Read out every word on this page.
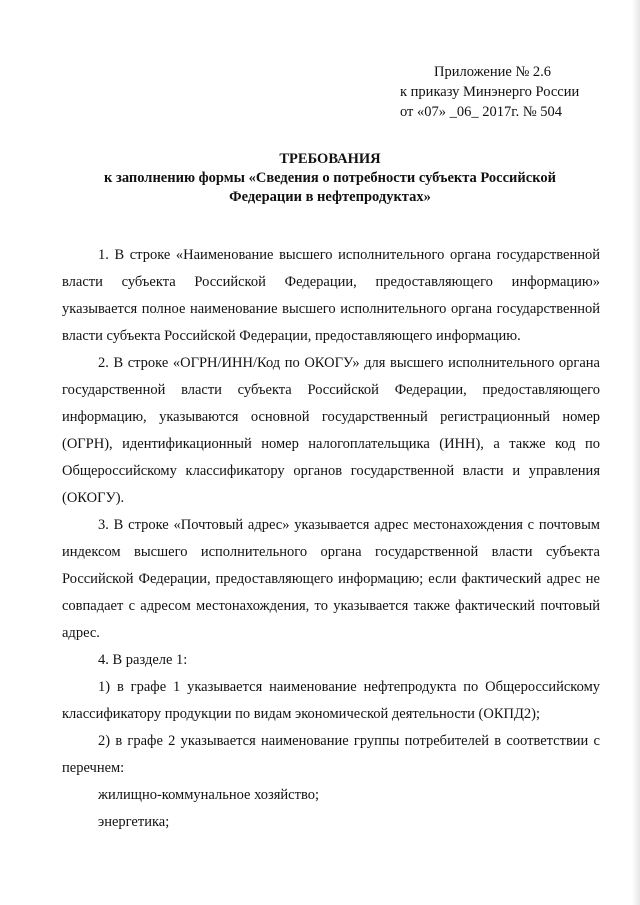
Приложение № 2.6
к приказу Минэнерго России
от «07» _06_ 2017г. № 504
ТРЕБОВАНИЯ
к заполнению формы «Сведения о потребности субъекта Российской
Федерации в нефтепродуктах»

1. В строке «Наименование высшего исполнительного органа государственной власти субъекта Российской Федерации, предоставляющего информацию» указывается полное наименование высшего исполнительного органа государственной власти субъекта Российской Федерации, предоставляющего информацию.

2. В строке «ОГРН/ИНН/Код по ОКОГУ» для высшего исполнительного органа государственной власти субъекта Российской Федерации, предоставляющего информацию, указываются основной государственный регистрационный номер (ОГРН), идентификационный номер налогоплательщика (ИНН), а также код по Общероссийскому классификатору органов государственной власти и управления (ОКОГУ).

3. В строке «Почтовый адрес» указывается адрес местонахождения с почтовым индексом высшего исполнительного органа государственной власти субъекта Российской Федерации, предоставляющего информацию; если фактический адрес не совпадает с адресом местонахождения, то указывается также фактический почтовый адрес.

4. В разделе 1:

1) в графе 1 указывается наименование нефтепродукта по Общероссийскому классификатору продукции по видам экономической деятельности (ОКПД2);

2) в графе 2 указывается наименование группы потребителей в соответствии с перечнем:

жилищно-коммунальное хозяйство;

энергетика;
